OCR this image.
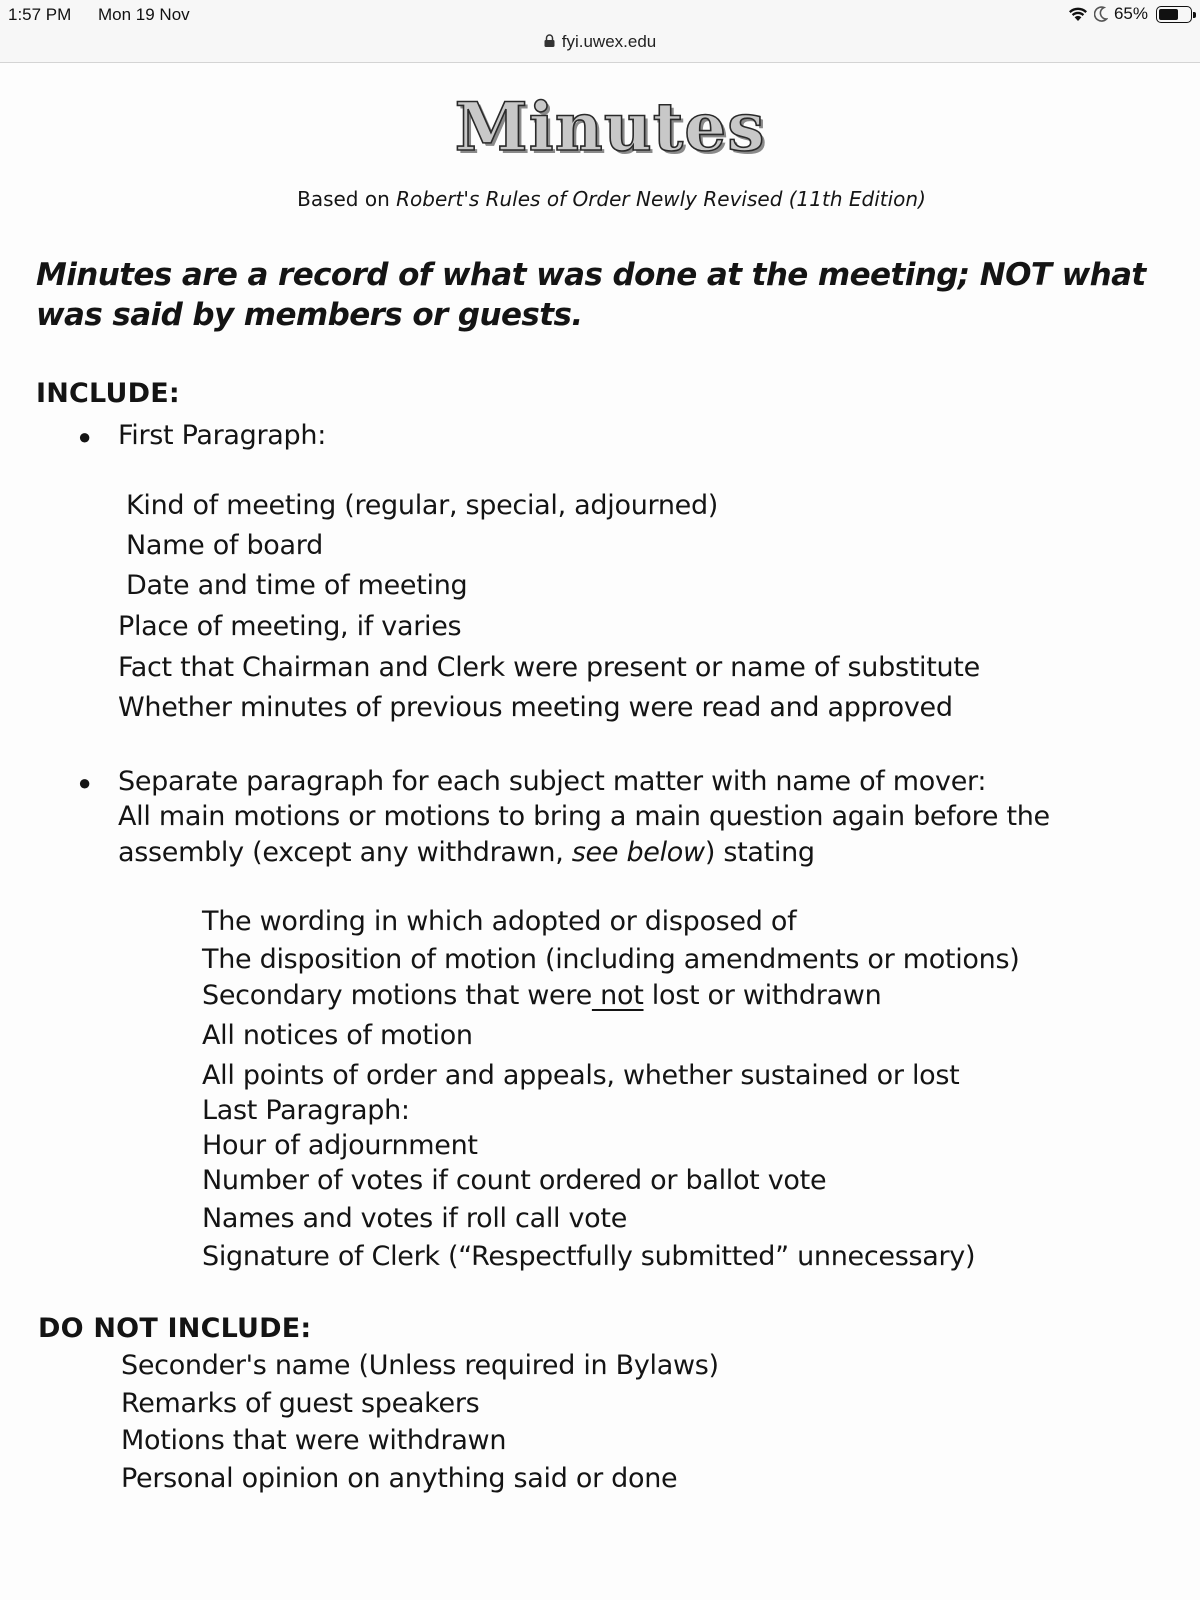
1:57 PM Mon 19 Nov	65%
fyi.uwex.edu
Minutes
Based on Robert's Rules of Order Newly Revised (11th Edition)
Minutes are a record of what was done at the meeting; NOT what
was said by members or guests.
INCLUDE:
● First Paragraph:
Kind of meeting (regular, special, adjourned)
Name of board
Date and time of meeting
Place of meeting, if varies
Fact that Chairman and Clerk were present or name of substitute
Whether minutes of previous meeting were read and approved
● Separate paragraph for each subject matter with name of mover:
All main motions or motions to bring a main question again before the
assembly (except any withdrawn, see below) stating
The wording in which adopted or disposed of
The disposition of motion (including amendments or motions)
Secondary motions that were not lost or withdrawn
All notices of motion
All points of order and appeals, whether sustained or lost
Last Paragraph:
Hour of adjournment
Number of votes if count ordered or ballot vote
Names and votes if roll call vote
Signature of Clerk (“Respectfully submitted” unnecessary)
DO NOT INCLUDE:
Seconder's name (Unless required in Bylaws)
Remarks of guest speakers
Motions that were withdrawn
Personal opinion on anything said or done
